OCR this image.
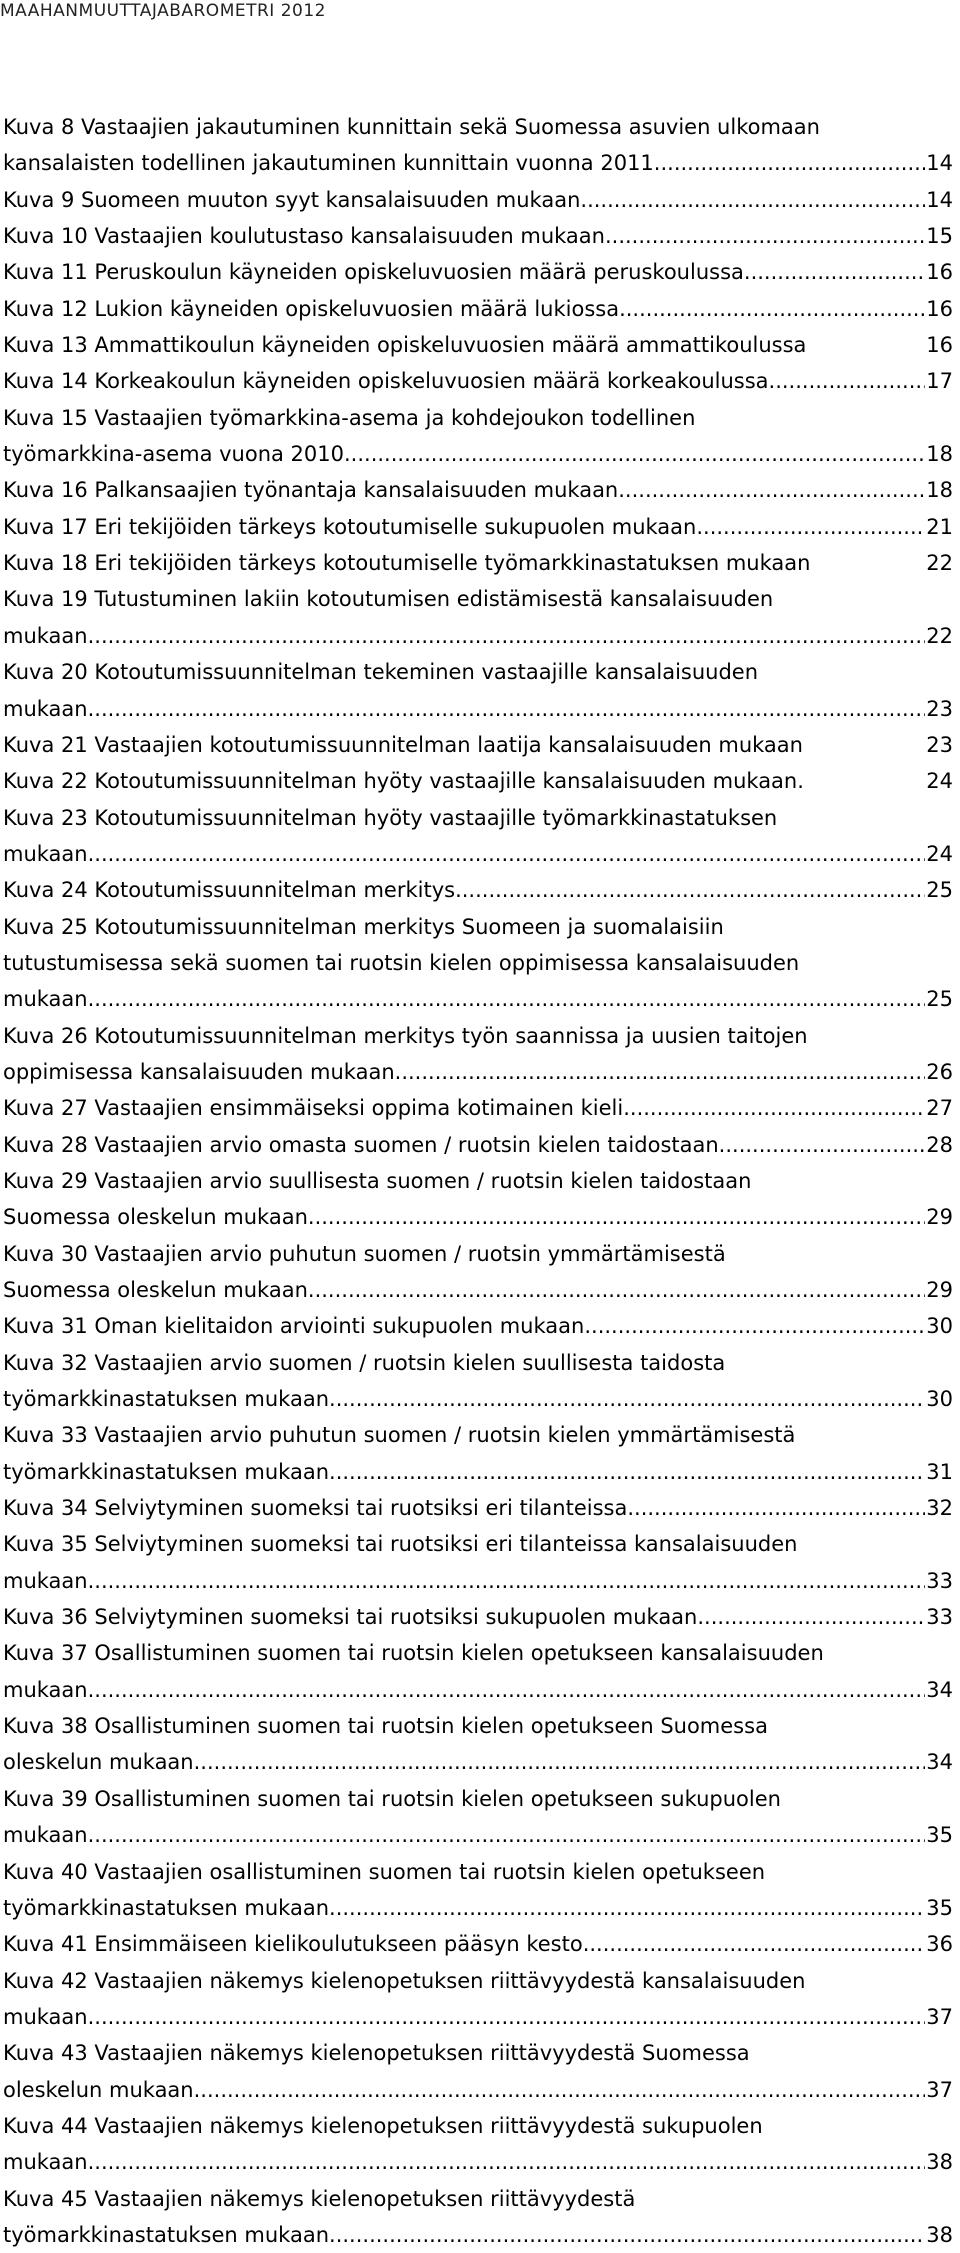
MAAHANMUUTTAJABAROMETRI 2012
Kuva 8 Vastaajien jakautuminen kunnittain sekä Suomessa asuvien ulkomaan
kansalaisten todellinen jakautuminen kunnittain vuonna 2011 .....	14
Kuva 9 Suomeen muuton syyt kansalaisuuden mukaan .....	14
Kuva 10 Vastaajien koulutustaso kansalaisuuden mukaan .....	15
Kuva 11 Peruskoulun käyneiden opiskeluvuosien määrä peruskoulussa .....	16
Kuva 12 Lukion käyneiden opiskeluvuosien määrä lukiossa .....	16
Kuva 13 Ammattikoulun käyneiden opiskeluvuosien määrä ammattikoulussa	16
Kuva 14 Korkeakoulun käyneiden opiskeluvuosien määrä korkeakoulussa .....	17
Kuva 15 Vastaajien työmarkkina-asema ja kohdejoukon todellinen
työmarkkina-asema vuona 2010 .....	18
Kuva 16 Palkansaajien työnantaja kansalaisuuden mukaan .....	18
Kuva 17 Eri tekijöiden tärkeys kotoutumiselle sukupuolen mukaan .....	21
Kuva 18 Eri tekijöiden tärkeys kotoutumiselle työmarkkinastatuksen mukaan	22
Kuva 19 Tutustuminen lakiin kotoutumisen edistämisestä kansalaisuuden
mukaan .....	22
Kuva 20 Kotoutumissuunnitelman tekeminen vastaajille kansalaisuuden
mukaan .....	23
Kuva 21 Vastaajien kotoutumissuunnitelman laatija kansalaisuuden mukaan	23
Kuva 22 Kotoutumissuunnitelman hyöty vastaajille kansalaisuuden mukaan.	24
Kuva 23 Kotoutumissuunnitelman hyöty vastaajille työmarkkinastatuksen
mukaan .....	24
Kuva 24 Kotoutumissuunnitelman merkitys .....	25
Kuva 25 Kotoutumissuunnitelman merkitys Suomeen ja suomalaisiin
tutustumisessa sekä suomen tai ruotsin kielen oppimisessa kansalaisuuden
mukaan .....	25
Kuva 26 Kotoutumissuunnitelman merkitys työn saannissa ja uusien taitojen
oppimisessa kansalaisuuden mukaan .....	26
Kuva 27 Vastaajien ensimmäiseksi oppima kotimainen kieli .....	27
Kuva 28 Vastaajien arvio omasta suomen / ruotsin kielen taidostaan .....	28
Kuva 29 Vastaajien arvio suullisesta suomen / ruotsin kielen taidostaan
Suomessa oleskelun mukaan .....	29
Kuva 30 Vastaajien arvio puhutun suomen / ruotsin ymmärtämisestä
Suomessa oleskelun mukaan .....	29
Kuva 31 Oman kielitaidon arviointi sukupuolen mukaan .....	30
Kuva 32 Vastaajien arvio suomen / ruotsin kielen suullisesta taidosta
työmarkkinastatuksen mukaan .....	30
Kuva 33 Vastaajien arvio puhutun suomen / ruotsin kielen ymmärtämisestä
työmarkkinastatuksen mukaan .....	31
Kuva 34 Selviytyminen suomeksi tai ruotsiksi eri tilanteissa .....	32
Kuva 35 Selviytyminen suomeksi tai ruotsiksi eri tilanteissa kansalaisuuden
mukaan .....	33
Kuva 36 Selviytyminen suomeksi tai ruotsiksi sukupuolen mukaan .....	33
Kuva 37 Osallistuminen suomen tai ruotsin kielen opetukseen kansalaisuuden
mukaan .....	34
Kuva 38 Osallistuminen suomen tai ruotsin kielen opetukseen Suomessa
oleskelun mukaan .....	34
Kuva 39 Osallistuminen suomen tai ruotsin kielen opetukseen sukupuolen
mukaan .....	35
Kuva 40 Vastaajien osallistuminen suomen tai ruotsin kielen opetukseen
työmarkkinastatuksen mukaan .....	35
Kuva 41 Ensimmäiseen kielikoulutukseen pääsyn kesto .....	36
Kuva 42 Vastaajien näkemys kielenopetuksen riittävyydestä kansalaisuuden
mukaan .....	37
Kuva 43 Vastaajien näkemys kielenopetuksen riittävyydestä Suomessa
oleskelun mukaan .....	37
Kuva 44 Vastaajien näkemys kielenopetuksen riittävyydestä sukupuolen
mukaan .....	38
Kuva 45 Vastaajien näkemys kielenopetuksen riittävyydestä
työmarkkinastatuksen mukaan .....	38
